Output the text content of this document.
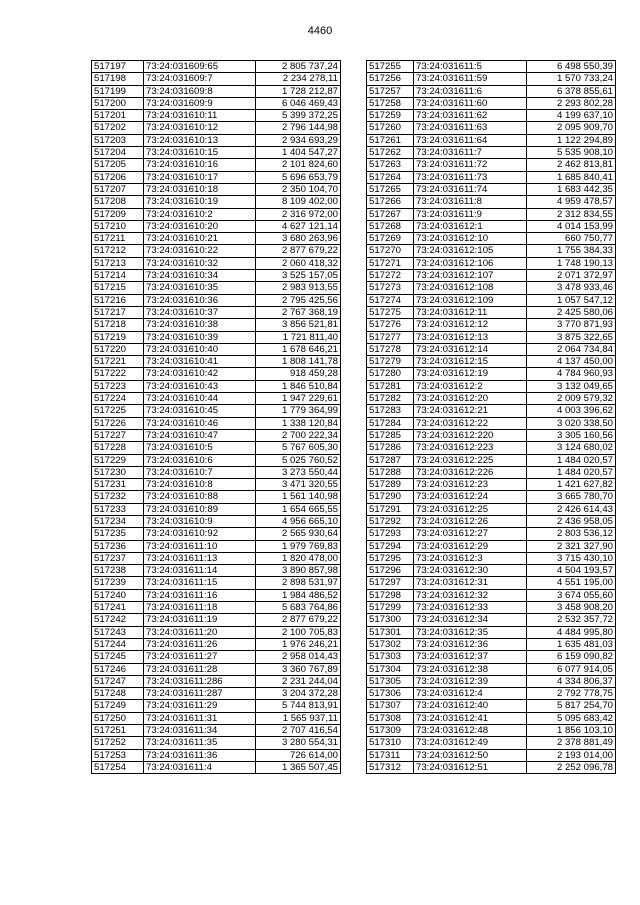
4460
517197	73:24:031609:65	2 805 737,24
517198	73:24:031609:7	2 234 278,11
517199	73:24:031609:8	1 728 212,87
517200	73:24:031609:9	6 046 469,43
517201	73:24:031610:11	5 399 372,25
517202	73:24:031610:12	2 796 144,98
517203	73:24:031610:13	2 934 693,29
517204	73:24:031610:15	1 404 547,27
517205	73:24:031610:16	2 101 824,60
517206	73:24:031610:17	5 696 653,79
517207	73:24:031610:18	2 350 104,70
517208	73:24:031610:19	8 109 402,00
517209	73:24:031610:2	2 316 972,00
517210	73:24:031610:20	4 627 121,14
517211	73:24:031610:21	3 680 263,96
517212	73:24:031610:22	2 877 679,22
517213	73:24:031610:32	2 060 418,32
517214	73:24:031610:34	3 525 157,05
517215	73:24:031610:35	2 983 913,55
517216	73:24:031610:36	2 795 425,56
517217	73:24:031610:37	2 767 368,19
517218	73:24:031610:38	3 856 521,81
517219	73:24:031610:39	1 721 811,40
517220	73:24:031610:40	1 678 646,21
517221	73:24:031610:41	1 808 141,78
517222	73:24:031610:42	918 459,28
517223	73:24:031610:43	1 846 510,84
517224	73:24:031610:44	1 947 229,61
517225	73:24:031610:45	1 779 364,99
517226	73:24:031610:46	1 338 120,84
517227	73:24:031610:47	2 700 222,34
517228	73:24:031610:5	5 767 605,30
517229	73:24:031610:6	5 025 760,52
517230	73:24:031610:7	3 273 550,44
517231	73:24:031610:8	3 471 320,55
517232	73:24:031610:88	1 561 140,98
517233	73:24:031610:89	1 654 665,55
517234	73:24:031610:9	4 956 665,10
517235	73:24:031610:92	2 565 930,64
517236	73:24:031611:10	1 979 769,83
517237	73:24:031611:13	1 820 478,00
517238	73:24:031611:14	3 890 857,98
517239	73:24:031611:15	2 898 531,97
517240	73:24:031611:16	1 984 486,52
517241	73:24:031611:18	5 683 764,86
517242	73:24:031611:19	2 877 679,22
517243	73:24:031611:20	2 100 705,83
517244	73:24:031611:26	1 976 246,21
517245	73:24:031611:27	2 958 014,43
517246	73:24:031611:28	3 360 767,89
517247	73:24:031611:286	2 231 244,04
517248	73:24:031611:287	3 204 372,28
517249	73:24:031611:29	5 744 813,91
517250	73:24:031611:31	1 565 937,11
517251	73:24:031611:34	2 707 416,54
517252	73:24:031611:35	3 280 554,31
517253	73:24:031611:36	726 614,00
517254	73:24:031611:4	1 365 507,45
517255	73:24:031611:5	6 498 550,39
517256	73:24:031611:59	1 570 733,24
517257	73:24:031611:6	6 378 855,61
517258	73:24:031611:60	2 293 802,28
517259	73:24:031611:62	4 199 637,10
517260	73:24:031611:63	2 095 909,70
517261	73:24:031611:64	1 122 294,89
517262	73:24:031611:7	5 535 908,10
517263	73:24:031611:72	2 462 813,81
517264	73:24:031611:73	1 685 840,41
517265	73:24:031611:74	1 683 442,35
517266	73:24:031611:8	4 959 478,57
517267	73:24:031611:9	2 312 834,55
517268	73:24:031612:1	4 014 153,99
517269	73:24:031612:10	660 750,77
517270	73:24:031612:105	1 755 384,33
517271	73:24:031612:106	1 748 190,13
517272	73:24:031612:107	2 071 372,97
517273	73:24:031612:108	3 478 933,46
517274	73:24:031612:109	1 057 547,12
517275	73:24:031612:11	2 425 580,06
517276	73:24:031612:12	3 770 871,93
517277	73:24:031612:13	3 875 322,65
517278	73:24:031612:14	2 064 734,84
517279	73:24:031612:15	4 137 450,00
517280	73:24:031612:19	4 784 960,93
517281	73:24:031612:2	3 132 049,65
517282	73:24:031612:20	2 009 579,32
517283	73:24:031612:21	4 003 396,62
517284	73:24:031612:22	3 020 338,50
517285	73:24:031612:220	3 305 160,56
517286	73:24:031612:223	3 124 680,02
517287	73:24:031612:225	1 484 020,57
517288	73:24:031612:226	1 484 020,57
517289	73:24:031612:23	1 421 627,82
517290	73:24:031612:24	3 665 780,70
517291	73:24:031612:25	2 426 614,43
517292	73:24:031612:26	2 436 958,05
517293	73:24:031612:27	2 803 536,12
517294	73:24:031612:29	2 321 327,90
517295	73:24:031612:3	3 715 430,10
517296	73:24:031612:30	4 504 193,57
517297	73:24:031612:31	4 551 195,00
517298	73:24:031612:32	3 674 055,60
517299	73:24:031612:33	3 458 908,20
517300	73:24:031612:34	2 532 357,72
517301	73:24:031612:35	4 484 995,80
517302	73:24:031612:36	1 635 481,03
517303	73:24:031612:37	6 159 090,82
517304	73:24:031612:38	6 077 914,05
517305	73:24:031612:39	4 334 806,37
517306	73:24:031612:4	2 792 778,75
517307	73:24:031612:40	5 817 254,70
517308	73:24:031612:41	5 095 683,42
517309	73:24:031612:48	1 856 103,10
517310	73:24:031612:49	2 378 881,49
517311	73:24:031612:50	2 193 014,00
517312	73:24:031612:51	2 252 096,78
